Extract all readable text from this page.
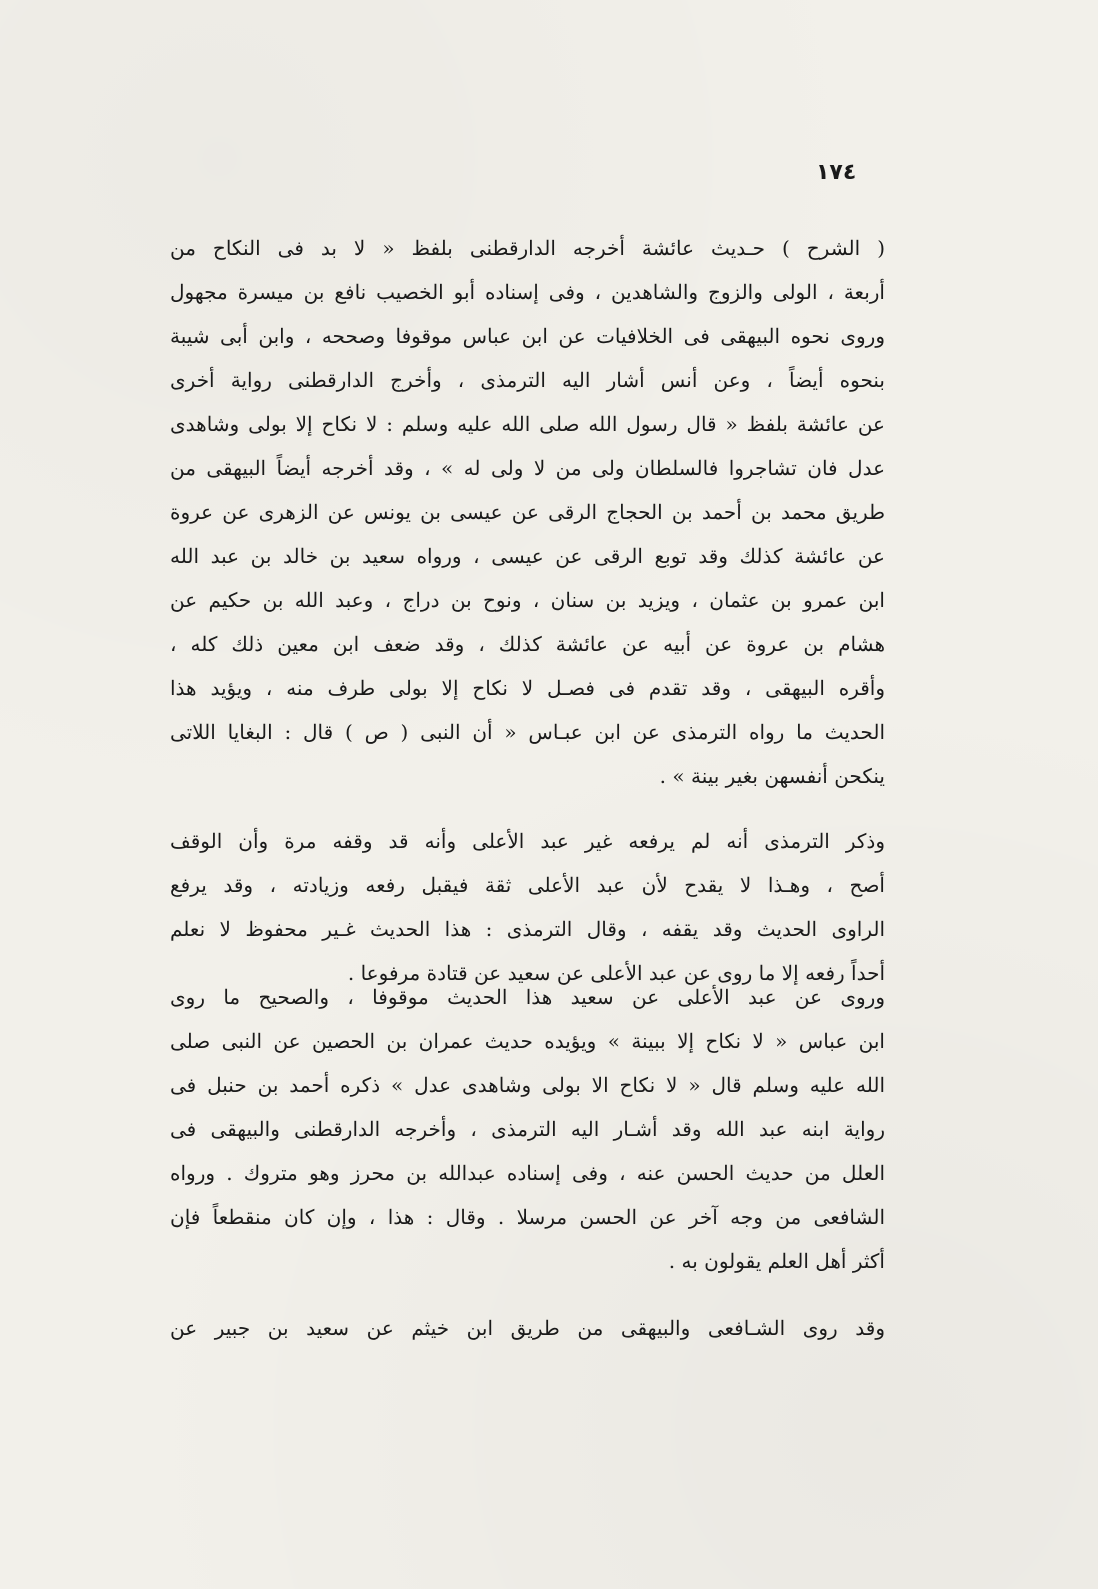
١٧٤
( الشرح ) حـديث عائشة أخرجه الدارقطنى بلفظ « لا بد فى النكاح من
أربعة ، الولى والزوج والشاهدين ، وفى إسناده أبو الخصيب نافع بن ميسرة مجهول
وروى نحوه البيهقى فى الخلافيات عن ابن عباس موقوفا وصححه ، وابن أبى شيبة
بنحوه أيضاً ، وعن أنس أشار اليه الترمذى ، وأخرج الدارقطنى رواية أخرى
عن عائشة بلفظ « قال رسول الله صلى الله عليه وسلم : لا نكاح إلا بولى وشاهدى
عدل فان تشاجروا فالسلطان ولى من لا ولى له » ، وقد أخرجه أيضاً البيهقى من
طريق محمد بن أحمد بن الحجاج الرقى عن عيسى بن يونس عن الزهرى عن عروة
عن عائشة كذلك وقد توبع الرقى عن عيسى ، ورواه سعيد بن خالد بن عبد الله
ابن عمرو بن عثمان ، ويزيد بن سنان ، ونوح بن دراج ، وعبد الله بن حكيم عن
هشام بن عروة عن أبيه عن عائشة كذلك ، وقد ضعف ابن معين ذلك كله ،
وأقره البيهقى ، وقد تقدم فى فصـل لا نكاح إلا بولى طرف منه ، ويؤيد هذا
الحديث ما رواه الترمذى عن ابن عبـاس « أن النبى ( ص ) قال : البغايا اللاتى
ينكحن أنفسهن بغير بينة » .
وذكر الترمذى أنه لم يرفعه غير عبد الأعلى وأنه قد وقفه مرة وأن الوقف
أصح ، وهـذا لا يقدح لأن عبد الأعلى ثقة فيقبل رفعه وزيادته ، وقد يرفع
الراوى الحديث وقد يقفه ، وقال الترمذى : هذا الحديث غـير محفوظ لا نعلم
أحداً رفعه إلا ما روى عن عبد الأعلى عن سعيد عن قتادة مرفوعا .
وروى عن عبد الأعلى عن سعيد هذا الحديث موقوفا ، والصحيح ما روى
ابن عباس « لا نكاح إلا ببينة » ويؤيده حديث عمران بن الحصين عن النبى صلى
الله عليه وسلم قال « لا نكاح الا بولى وشاهدى عدل » ذكره أحمد بن حنبل فى
رواية ابنه عبد الله وقد أشـار اليه الترمذى ، وأخرجه الدارقطنى والبيهقى فى
العلل من حديث الحسن عنه ، وفى إسناده عبدالله بن محرز وهو متروك . ورواه
الشافعى من وجه آخر عن الحسن مرسلا . وقال : هذا ، وإن كان منقطعاً فإن
أكثر أهل العلم يقولون به .
وقد روى الشـافعى والبيهقى من طريق ابن خيثم عن سعيد بن جبير عن
